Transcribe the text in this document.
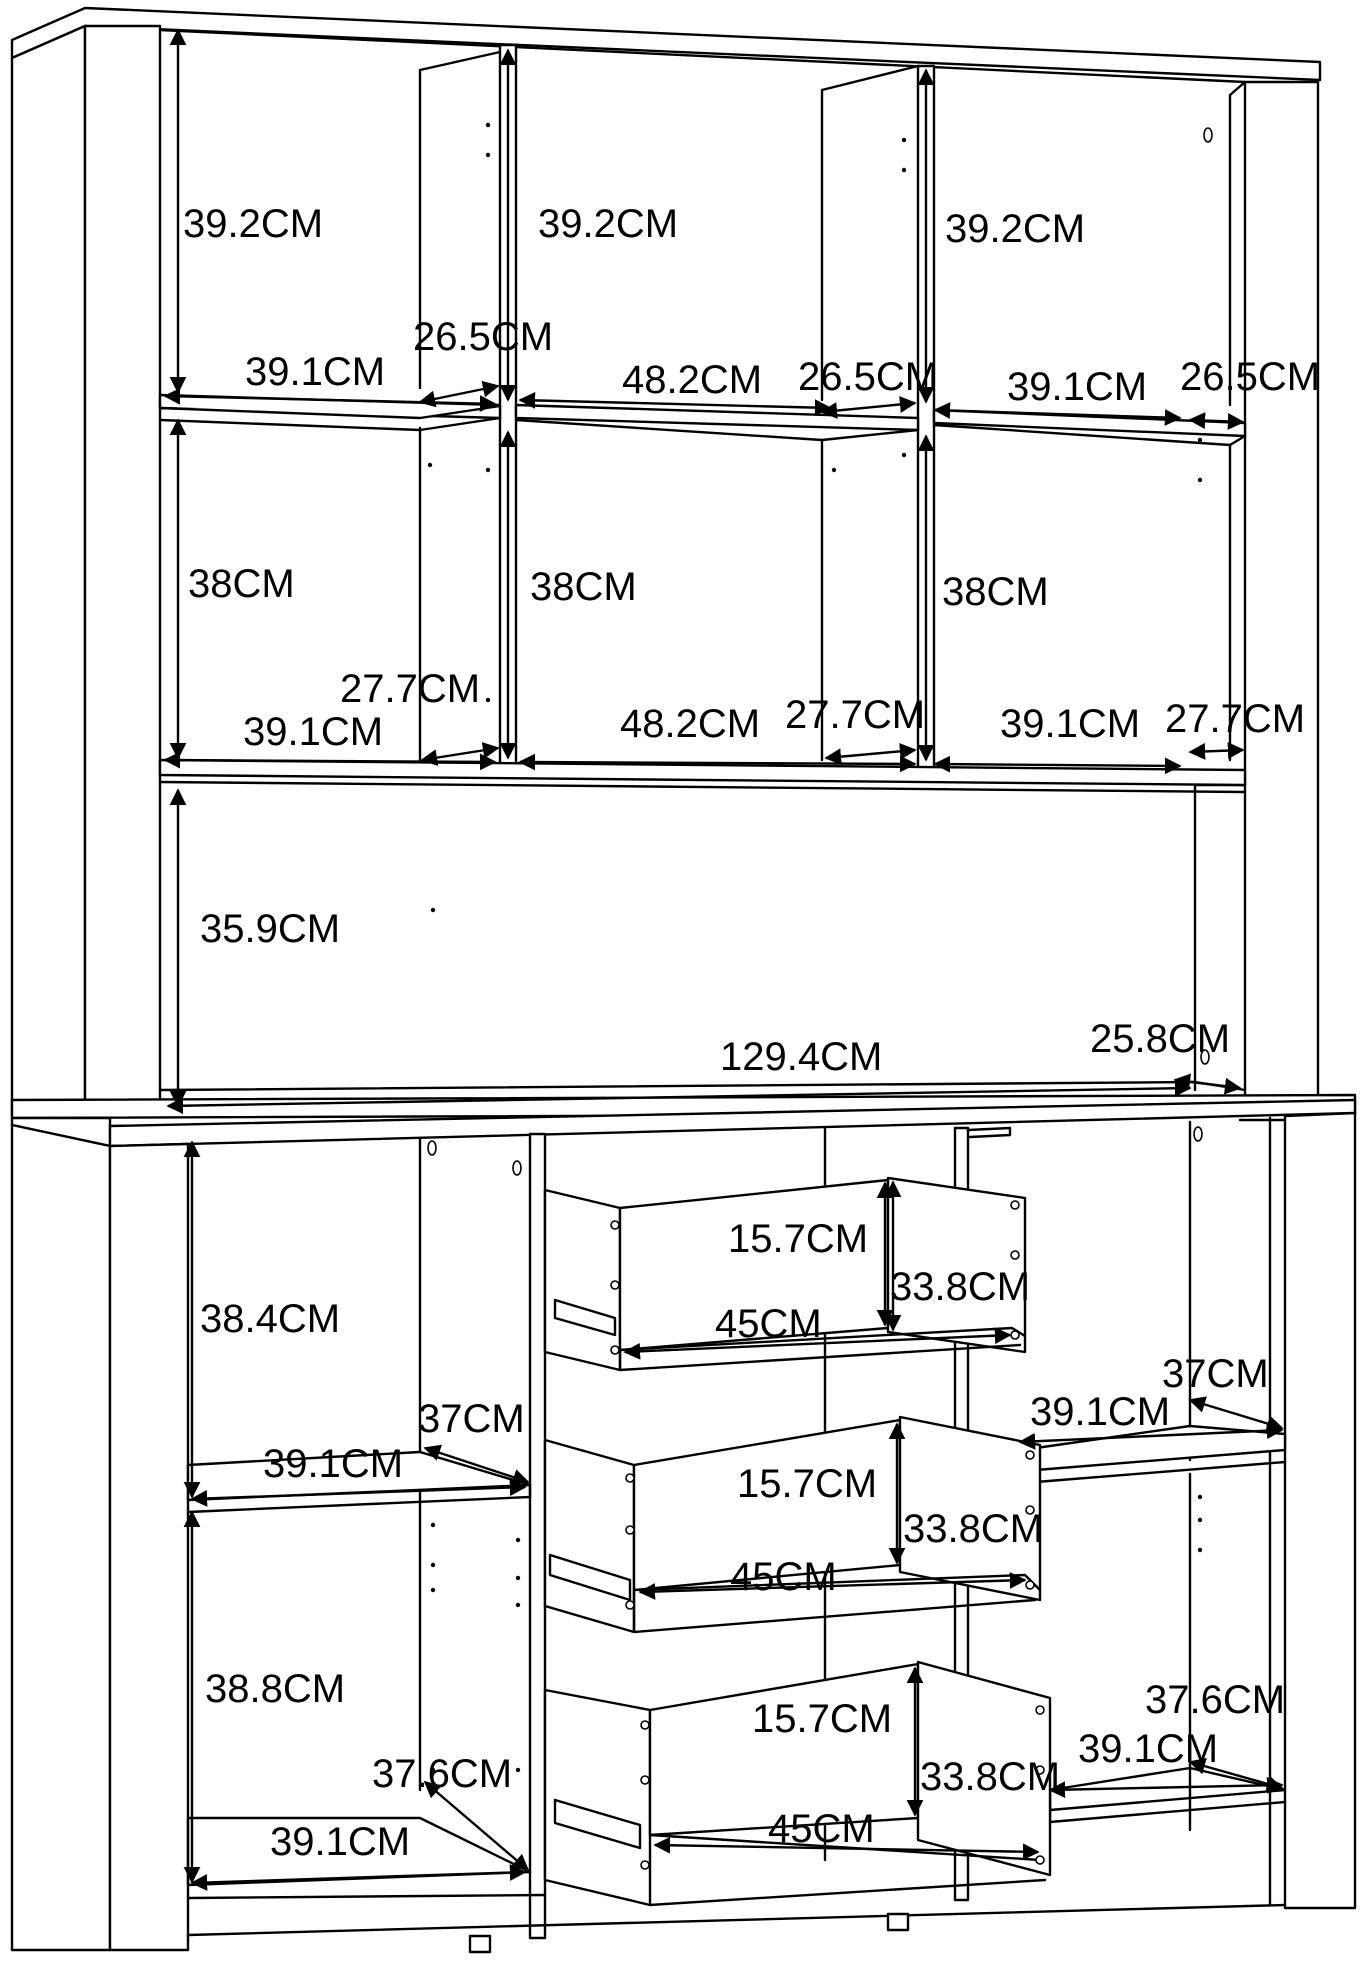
39.2CM	39.2CM	39.2CM
39.1CM	48.2CM	39.1CM
26.5CM
26.5CM	26.5CM
38CM	38CM	38CM
39.1CM	48.2CM	39.1CM
27.7CM
27.7CM	27.7CM
35.9CM
129.4CM	25.8CM
38.4CM
39.1CM
37CM
38.8CM
39.1CM
37.6CM
15.7CM
45CM
33.8CM
15.7CM
45CM
33.8CM
15.7CM
45CM
33.8CM
39.1CM
37CM
39.1CM
37.6CM
